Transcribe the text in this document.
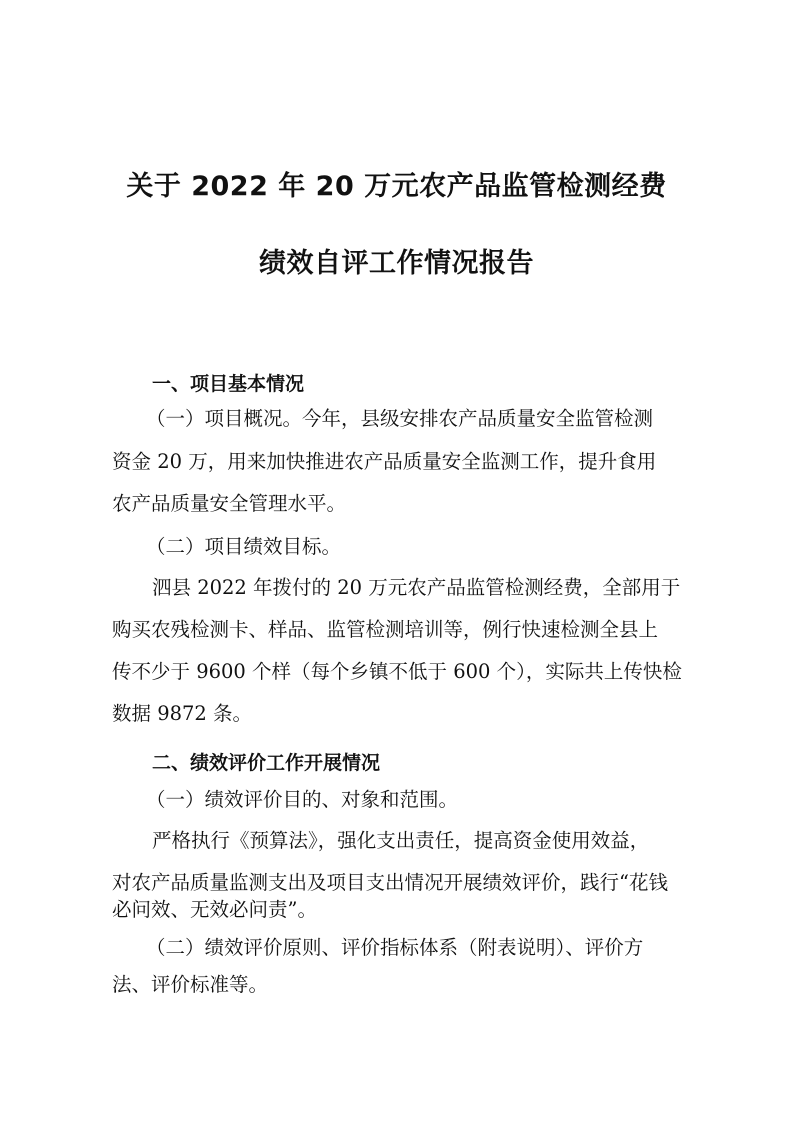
关于 2022 年 20 万元农产品监管检测经费
绩效自评工作情况报告
一、项目基本情况

（一）项目概况。今年，县级安排农产品质量安全监管检测

资金 20 万，用来加快推进农产品质量安全监测工作，提升食用

农产品质量安全管理水平。

（二）项目绩效目标。

泗县 2022 年拨付的 20 万元农产品监管检测经费，全部用于

购买农残检测卡、样品、监管检测培训等，例行快速检测全县上

传不少于 9600 个样（每个乡镇不低于 600 个），实际共上传快检

数据 9872 条。

二、绩效评价工作开展情况

（一）绩效评价目的、对象和范围。

严格执行《预算法》，强化支出责任，提高资金使用效益，

对农产品质量监测支出及项目支出情况开展绩效评价，践行“花钱

必问效、无效必问责”。

（二）绩效评价原则、评价指标体系（附表说明）、评价方

法、评价标准等。
